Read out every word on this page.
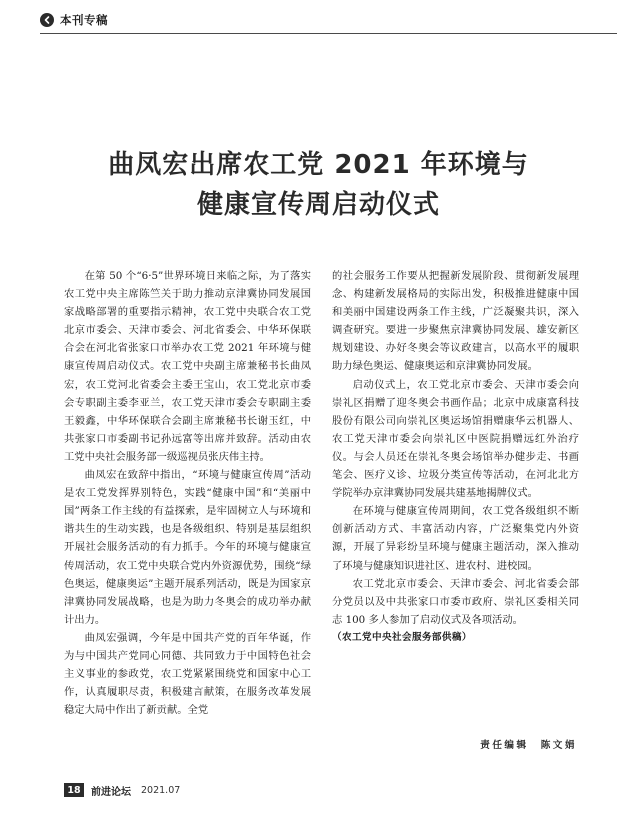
本刊专稿
曲凤宏出席农工党 2021 年环境与
健康宣传周启动仪式

在第 50 个“6·5”世界环境日来临之际，为了落实农工党中央主席陈竺关于助力推动京津冀协同发展国家战略部署的重要指示精神，农工党中央联合农工党北京市委会、天津市委会、河北省委会、中华环保联合会在河北省张家口市举办农工党 2021 年环境与健康宣传周启动仪式。农工党中央副主席兼秘书长曲凤宏，农工党河北省委会主委王宝山，农工党北京市委会专职副主委李亚兰，农工党天津市委会专职副主委王毅鑫，中华环保联合会副主席兼秘书长谢玉红，中共张家口市委副书记孙远富等出席并致辞。活动由农工党中央社会服务部一级巡视员张庆伟主持。

曲凤宏在致辞中指出，“环境与健康宣传周”活动是农工党发挥界别特色，实践“健康中国”和“美丽中国”两条工作主线的有益探索，是牢固树立人与环境和谐共生的生动实践，也是各级组织、特别是基层组织开展社会服务活动的有力抓手。今年的环境与健康宣传周活动，农工党中央联合党内外资源优势，围绕“绿色奥运，健康奥运”主题开展系列活动，既是为国家京津冀协同发展战略，也是为助力冬奥会的成功举办献计出力。

曲凤宏强调，今年是中国共产党的百年华诞，作为与中国共产党同心同德、共同致力于中国特色社会主义事业的参政党，农工党紧紧围绕党和国家中心工作，认真履职尽责，积极建言献策，在服务改革发展稳定大局中作出了新贡献。全党

的社会服务工作要从把握新发展阶段、贯彻新发展理念、构建新发展格局的实际出发，积极推进健康中国和美丽中国建设两条工作主线，广泛凝聚共识，深入调查研究。要进一步聚焦京津冀协同发展、雄安新区规划建设、办好冬奥会等议政建言，以高水平的履职助力绿色奥运、健康奥运和京津冀协同发展。

启动仪式上，农工党北京市委会、天津市委会向崇礼区捐赠了迎冬奥会书画作品；北京中成康富科技股份有限公司向崇礼区奥运场馆捐赠康华云机器人、农工党天津市委会向崇礼区中医院捐赠远红外治疗仪。与会人员还在崇礼冬奥会场馆举办健步走、书画笔会、医疗义诊、垃圾分类宣传等活动，在河北北方学院举办京津冀协同发展共建基地揭牌仪式。

在环境与健康宣传周期间，农工党各级组织不断创新活动方式、丰富活动内容，广泛聚集党内外资源，开展了异彩纷呈环境与健康主题活动，深入推动了环境与健康知识进社区、进农村、进校园。

农工党北京市委会、天津市委会、河北省委会部分党员以及中共张家口市委市政府、崇礼区委相关同志 100 多人参加了启动仪式及各项活动。

（农工党中央社会服务部供稿）

责任编辑　陈文娟
18	前进论坛 2021.07
